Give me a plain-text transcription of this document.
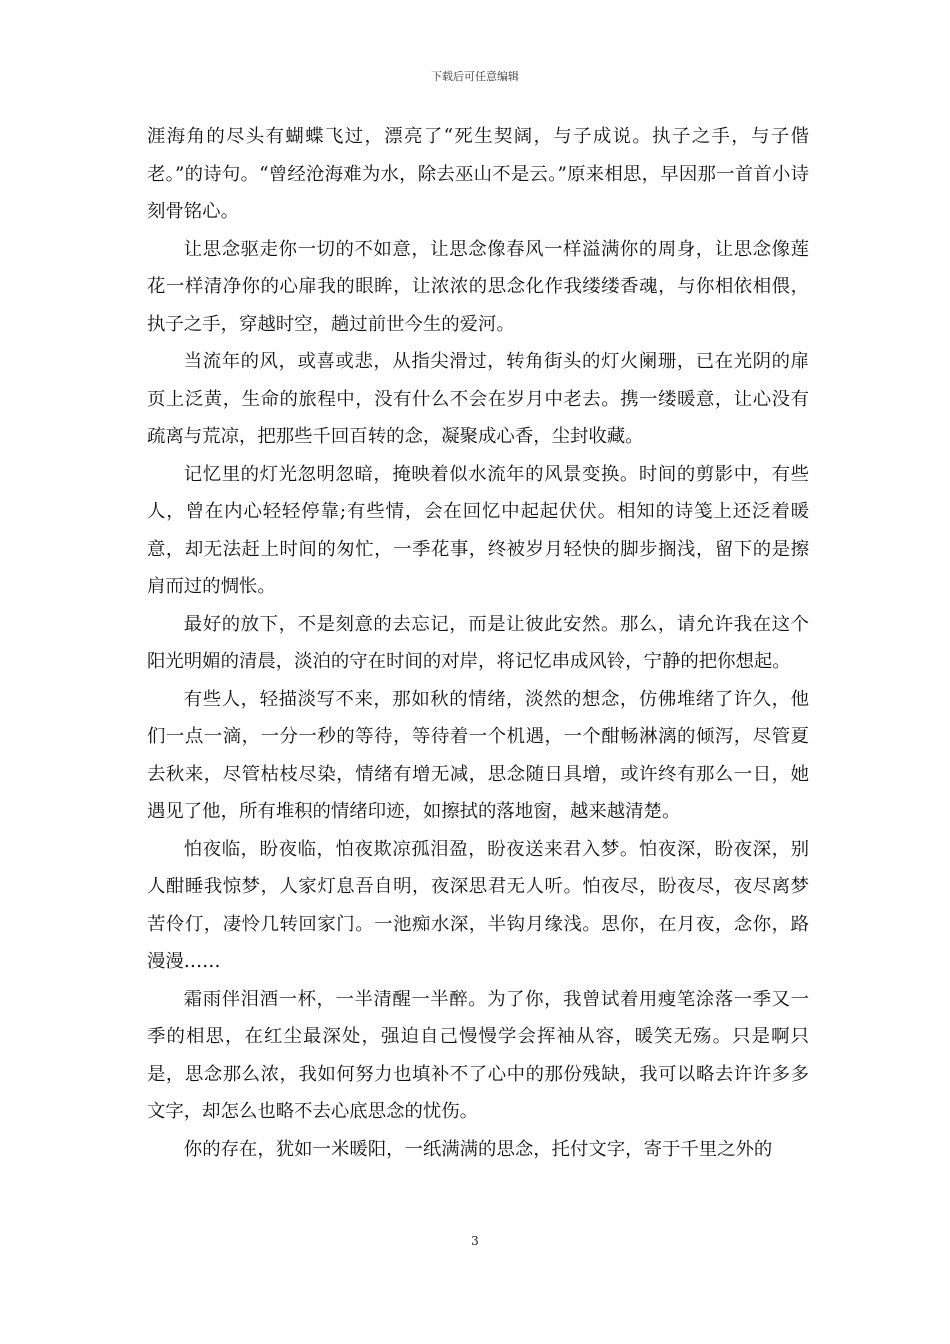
下载后可任意编辑

涯海角的尽头有蝴蝶飞过，漂亮了“死生契阔，与子成说。执子之手，与子偕老。”的诗句。“曾经沧海难为水，除去巫山不是云。”原来相思，早因那一首首小诗刻骨铭心。

让思念驱走你一切的不如意，让思念像春风一样溢满你的周身，让思念像莲花一样清净你的心扉我的眼眸，让浓浓的思念化作我缕缕香魂，与你相依相偎，执子之手，穿越时空，趟过前世今生的爱河。

当流年的风，或喜或悲，从指尖滑过，转角街头的灯火阑珊，已在光阴的扉页上泛黄，生命的旅程中，没有什么不会在岁月中老去。携一缕暖意，让心没有疏离与荒凉，把那些千回百转的念，凝聚成心香，尘封收藏。

记忆里的灯光忽明忽暗，掩映着似水流年的风景变换。时间的剪影中，有些人，曾在内心轻轻停靠;有些情，会在回忆中起起伏伏。相知的诗笺上还泛着暖意，却无法赶上时间的匆忙，一季花事，终被岁月轻快的脚步搁浅，留下的是擦肩而过的惆怅。

最好的放下，不是刻意的去忘记，而是让彼此安然。那么，请允许我在这个阳光明媚的清晨，淡泊的守在时间的对岸，将记忆串成风铃，宁静的把你想起。

有些人，轻描淡写不来，那如秋的情绪，淡然的想念，仿佛堆绪了许久，他们一点一滴，一分一秒的等待，等待着一个机遇，一个酣畅淋漓的倾泻，尽管夏去秋来，尽管枯枝尽染，情绪有增无减，思念随日具增，或许终有那么一日，她遇见了他，所有堆积的情绪印迹，如擦拭的落地窗，越来越清楚。

怕夜临，盼夜临，怕夜欺凉孤泪盈，盼夜送来君入梦。怕夜深，盼夜深，别人酣睡我惊梦，人家灯息吾自明，夜深思君无人听。怕夜尽，盼夜尽，夜尽离梦苦伶仃，凄怜几转回家门。一池痴水深，半钩月缘浅。思你，在月夜，念你，路漫漫……

霜雨伴泪酒一杯，一半清醒一半醉。为了你，我曾试着用瘦笔涂落一季又一季的相思，在红尘最深处，强迫自己慢慢学会挥袖从容，暖笑无殇。只是啊只是，思念那么浓，我如何努力也填补不了心中的那份残缺，我可以略去许许多多文字，却怎么也略不去心底思念的忧伤。

你的存在，犹如一米暖阳，一纸满满的思念，托付文字，寄于千里之外的

3
